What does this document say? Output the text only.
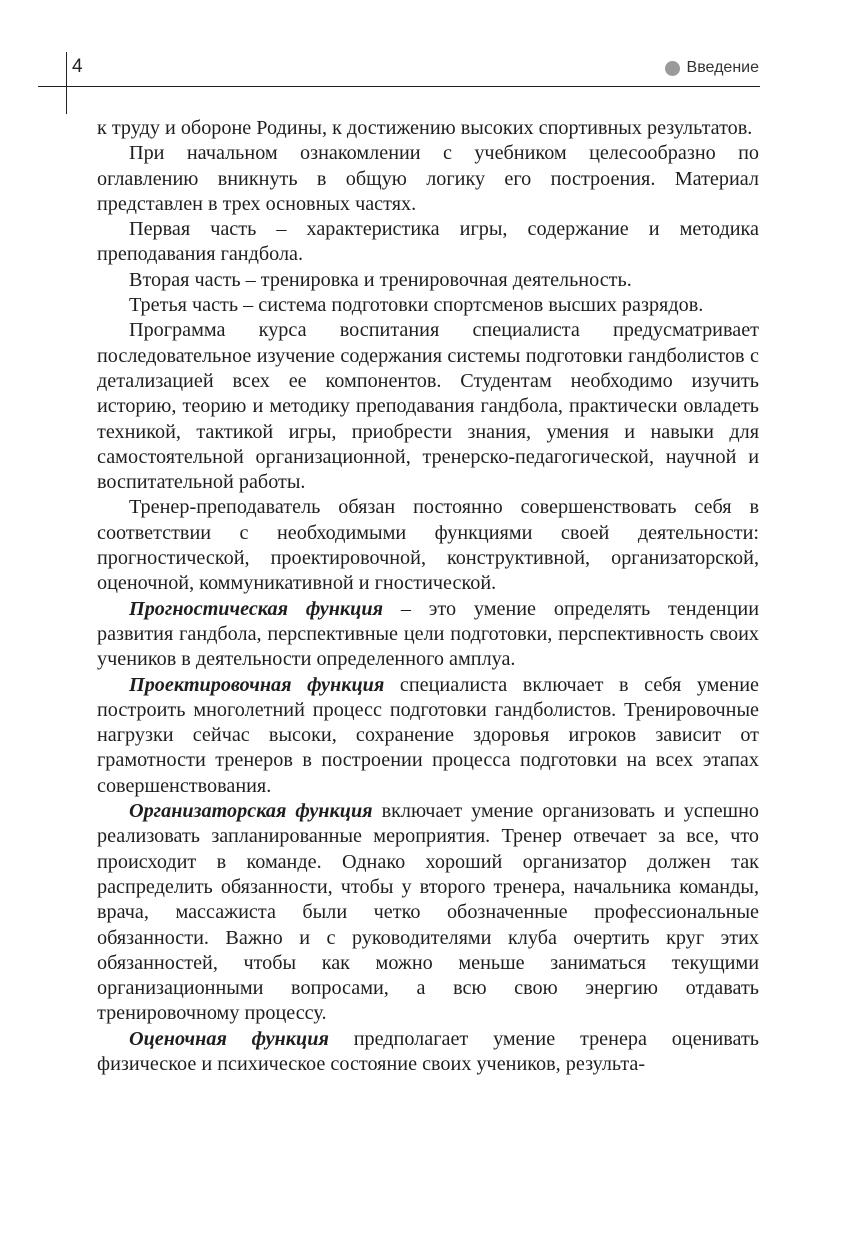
4	Введение

к труду и обороне Родины, к достижению высоких спортивных результатов.

При начальном ознакомлении с учебником целесообразно по оглавлению вникнуть в общую логику его построения. Материал представлен в трех основных частях.

Первая часть – характеристика игры, содержание и методика преподавания гандбола.

Вторая часть – тренировка и тренировочная деятельность.

Третья часть – система подготовки спортсменов высших разрядов.

Программа курса воспитания специалиста предусматривает последовательное изучение содержания системы подготовки гандболистов с детализацией всех ее компонентов. Студентам необходимо изучить историю, теорию и методику преподавания гандбола, практически овладеть техникой, тактикой игры, приобрести знания, умения и навыки для самостоятельной организационной, тренерско-педагогической, научной и воспитательной работы.

Тренер-преподаватель обязан постоянно совершенствовать себя в соответствии с необходимыми функциями своей деятельности: прогностической, проектировочной, конструктивной, организаторской, оценочной, коммуникативной и гностической.

Прогностическая функция – это умение определять тенденции развития гандбола, перспективные цели подготовки, перспективность своих учеников в деятельности определенного амплуа.

Проектировочная функция специалиста включает в себя умение построить многолетний процесс подготовки гандболистов. Тренировочные нагрузки сейчас высоки, сохранение здоровья игроков зависит от грамотности тренеров в построении процесса подготовки на всех этапах совершенствования.

Организаторская функция включает умение организовать и успешно реализовать запланированные мероприятия. Тренер отвечает за все, что происходит в команде. Однако хороший организатор должен так распределить обязанности, чтобы у второго тренера, начальника команды, врача, массажиста были четко обозначенные профессиональные обязанности. Важно и с руководителями клуба очертить круг этих обязанностей, чтобы как можно меньше заниматься текущими организационными вопросами, а всю свою энергию отдавать тренировочному процессу.

Оценочная функция предполагает умение тренера оценивать физическое и психическое состояние своих учеников, результа-
